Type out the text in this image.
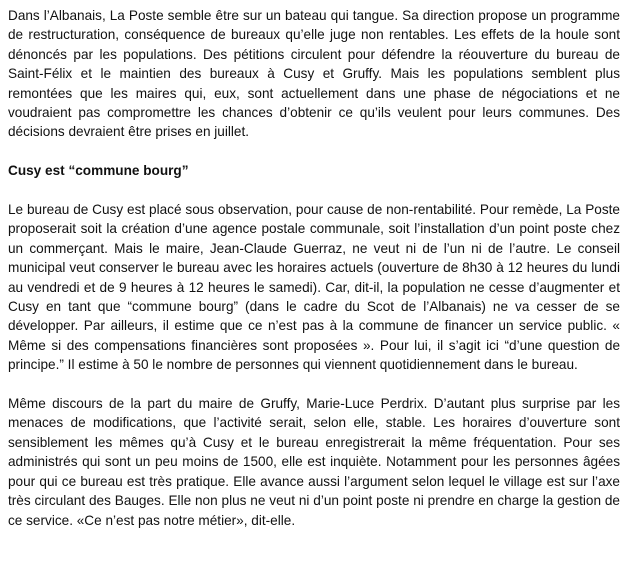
Dans l’Albanais, La Poste semble être sur un bateau qui tangue. Sa direction propose un programme de restructuration, conséquence de bureaux qu’elle juge non rentables. Les effets de la houle sont dénoncés par les populations. Des pétitions circulent pour défendre la réouverture du bureau de Saint-Félix et le maintien des bureaux à Cusy et Gruffy. Mais les populations semblent plus remontées que les maires qui, eux, sont actuellement dans une phase de négociations et ne voudraient pas compromettre les chances d’obtenir ce qu’ils veulent pour leurs communes. Des décisions devraient être prises en juillet.

Cusy est “commune bourg”

Le bureau de Cusy est placé sous observation, pour cause de non-rentabilité. Pour remède, La Poste proposerait soit la création d’une agence postale communale, soit l’installation d’un point poste chez un commerçant. Mais le maire, Jean-Claude Guerraz, ne veut ni de l’un ni de l’autre. Le conseil municipal veut conserver le bureau avec les horaires actuels (ouverture de 8h30 à 12 heures du lundi au vendredi et de 9 heures à 12 heures le samedi). Car, dit-il, la population ne cesse d’augmenter et Cusy en tant que “commune bourg” (dans le cadre du Scot de l’Albanais) ne va cesser de se développer. Par ailleurs, il estime que ce n’est pas à la commune de financer un service public. « Même si des compensations financières sont proposées ». Pour lui, il s’agit ici “d’une question de principe.” Il estime à 50 le nombre de personnes qui viennent quotidiennement dans le bureau.

Même discours de la part du maire de Gruffy, Marie-Luce Perdrix. D’autant plus surprise par les menaces de modifications, que l’activité serait, selon elle, stable. Les horaires d’ouverture sont sensiblement les mêmes qu’à Cusy et le bureau enregistrerait la même fréquentation. Pour ses administrés qui sont un peu moins de 1500, elle est inquiète. Notamment pour les personnes âgées pour qui ce bureau est très pratique. Elle avance aussi l’argument selon lequel le village est sur l’axe très circulant des Bauges. Elle non plus ne veut ni d’un point poste ni prendre en charge la gestion de ce service. «Ce n’est pas notre métier», dit-elle.
